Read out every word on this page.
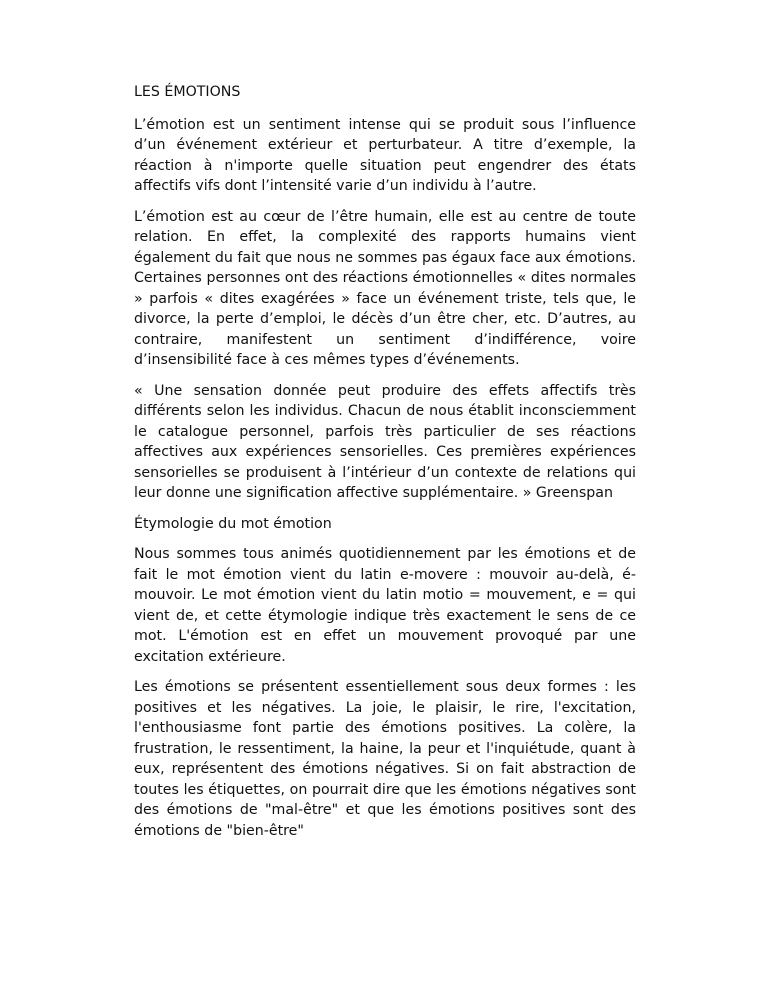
LES ÉMOTIONS

L’émotion est un sentiment intense qui se produit sous l’influence d’un événement extérieur et perturbateur. A titre d’exemple, la réaction à n'importe quelle situation peut engendrer des états affectifs vifs dont l’intensité varie d’un individu à l’autre.

L’émotion est au cœur de l’être humain, elle est au centre de toute relation. En effet, la complexité des rapports humains vient également du fait que nous ne sommes pas égaux face aux émotions. Certaines personnes ont des réactions émotionnelles « dites normales » parfois « dites exagérées » face un événement triste, tels que, le divorce, la perte d’emploi, le décès d’un être cher, etc. D’autres, au contraire, manifestent un sentiment d’indifférence, voire d’insensibilité face à ces mêmes types d’événements.

« Une sensation donnée peut produire des effets affectifs très différents selon les individus. Chacun de nous établit inconsciemment le catalogue personnel, parfois très particulier de ses réactions affectives aux expériences sensorielles. Ces premières expériences sensorielles se produisent à l’intérieur d’un contexte de relations qui leur donne une signification affective supplémentaire. » Greenspan

Étymologie du mot émotion

Nous sommes tous animés quotidiennement par les émotions et de fait le mot émotion vient du latin e-movere : mouvoir au-delà, é-mouvoir. Le mot émotion vient du latin motio = mouvement, e = qui vient de, et cette étymologie indique très exactement le sens de ce mot. L'émotion est en effet un mouvement provoqué par une excitation extérieure.

Les émotions se présentent essentiellement sous deux formes : les positives et les négatives. La joie, le plaisir, le rire, l'excitation, l'enthousiasme font partie des émotions positives. La colère, la frustration, le ressentiment, la haine, la peur et l'inquiétude, quant à eux, représentent des émotions négatives. Si on fait abstraction de toutes les étiquettes, on pourrait dire que les émotions négatives sont des émotions de "mal-être" et que les émotions positives sont des émotions de "bien-être"
